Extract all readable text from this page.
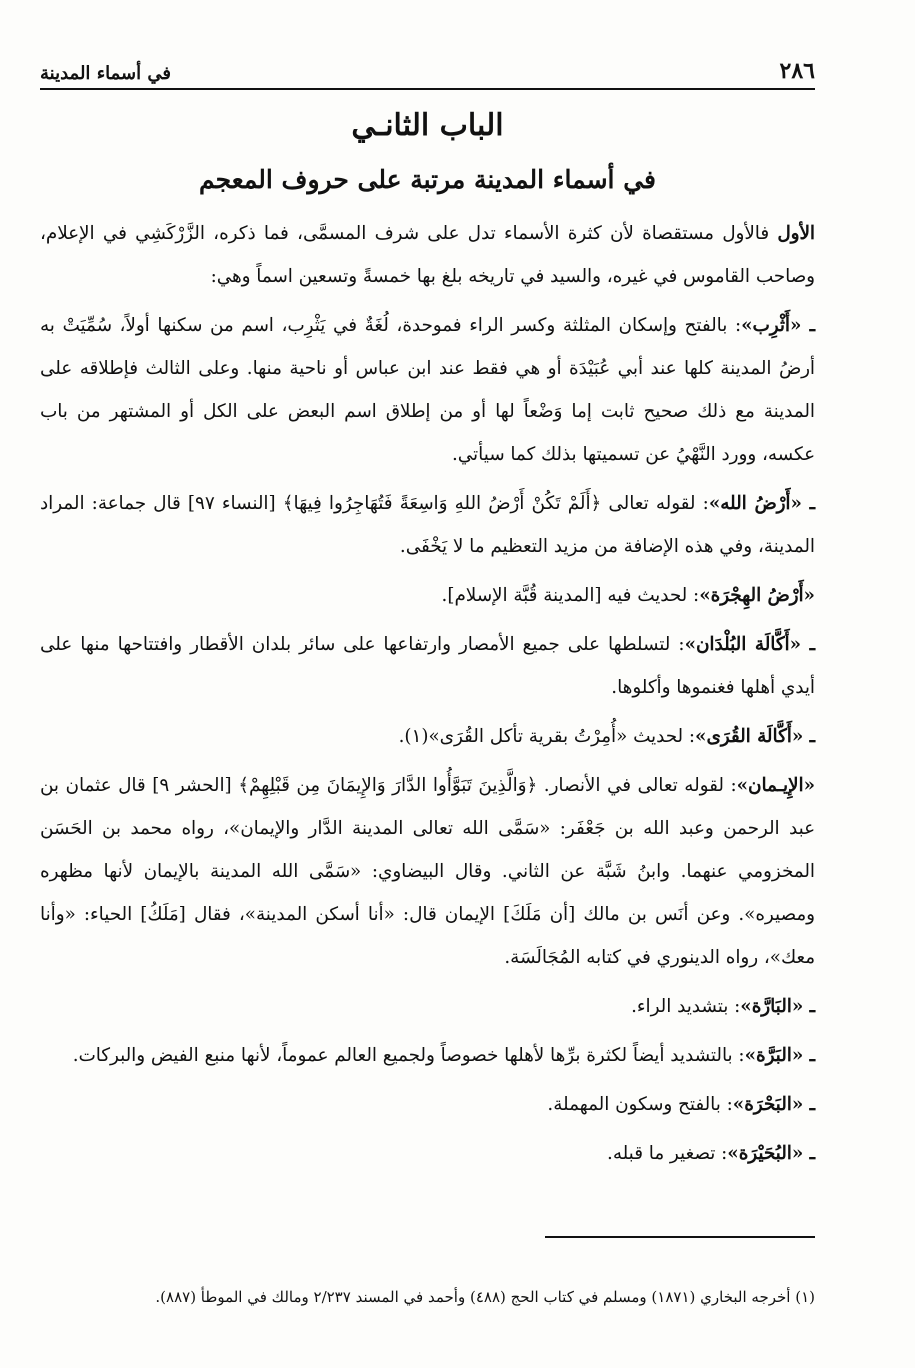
٢٨٦
في أسماء المدينة
الباب الثانـي
في أسماء المدينة مرتبة على حروف المعجم

الأول فالأول مستقصاة لأن كثرة الأسماء تدل على شرف المسمَّى، فما ذكره، الزَّرْكَشِي في الإعلام، وصاحب القاموس في غيره، والسيد في تاريخه بلغ بها خمسةً وتسعين اسماً وهي:

ـ «أَثْرِب»: بالفتح وإسكان المثلثة وكسر الراء فموحدة، لُغَةٌ في يَثْرِب، اسم من سكنها أولاً، سُمِّيَتْ به أرضُ المدينة كلها عند أبي عُبَيْدَة أو هي فقط عند ابن عباس أو ناحية منها. وعلى الثالث فإطلاقه على المدينة مع ذلك صحيح ثابت إما وَضْعاً لها أو من إطلاق اسم البعض على الكل أو المشتهر من باب عكسه، وورد النَّهْيُ عن تسميتها بذلك كما سيأتي.

ـ «أَرْضُ الله»: لقوله تعالى ﴿أَلَمْ تَكُنْ أَرْضُ اللهِ وَاسِعَةً فَتُهَاجِرُوا فِيهَا﴾ [النساء ٩٧] قال جماعة: المراد المدينة، وفي هذه الإضافة من مزيد التعظيم ما لا يَخْفَى.

«أَرْضُ الهِجْرَة»: لحديث فيه [المدينة قُبَّة الإسلام].

ـ «أَكَّالَة البُلْدَان»: لتسلطها على جميع الأمصار وارتفاعها على سائر بلدان الأقطار وافتتاحها منها على أيدي أهلها فغنموها وأكلوها.

ـ «أَكَّالَة القُرَى»: لحديث «أُمِرْتُ بقرية تأكل القُرَى»(١).

«الإِيـمان»: لقوله تعالى في الأنصار. ﴿وَالَّذِينَ تَبَوَّأُوا الدَّارَ وَالإِيمَانَ مِن قَبْلِهِمْ﴾ [الحشر ٩] قال عثمان بن عبد الرحمن وعبد الله بن جَعْفَر: «سَمَّى الله تعالى المدينة الدَّار والإيمان»، رواه محمد بن الحَسَن المخزومي عنهما. وابنُ شَبَّة عن الثاني. وقال البيضاوي: «سَمَّى الله المدينة بالإيمان لأنها مظهره ومصيره». وعن أنَس بن مالك [أن مَلَكَ] الإيمان قال: «أنا أسكن المدينة»، فقال [مَلَكُ] الحياء: «وأنا معك»، رواه الدينوري في كتابه المُجَالَسَة.

ـ «البَارَّة»: بتشديد الراء.

ـ «البَرَّة»: بالتشديد أيضاً لكثرة برِّها لأهلها خصوصاً ولجميع العالم عموماً، لأنها منبع الفيض والبركات.

ـ «البَحْرَة»: بالفتح وسكون المهملة.

ـ «البُحَيْرَة»: تصغير ما قبله.

(١) أخرجه البخاري (١٨٧١) ومسلم في كتاب الحج (٤٨٨) وأحمد في المسند ٢/٢٣٧ ومالك في الموطأ (٨٨٧).
